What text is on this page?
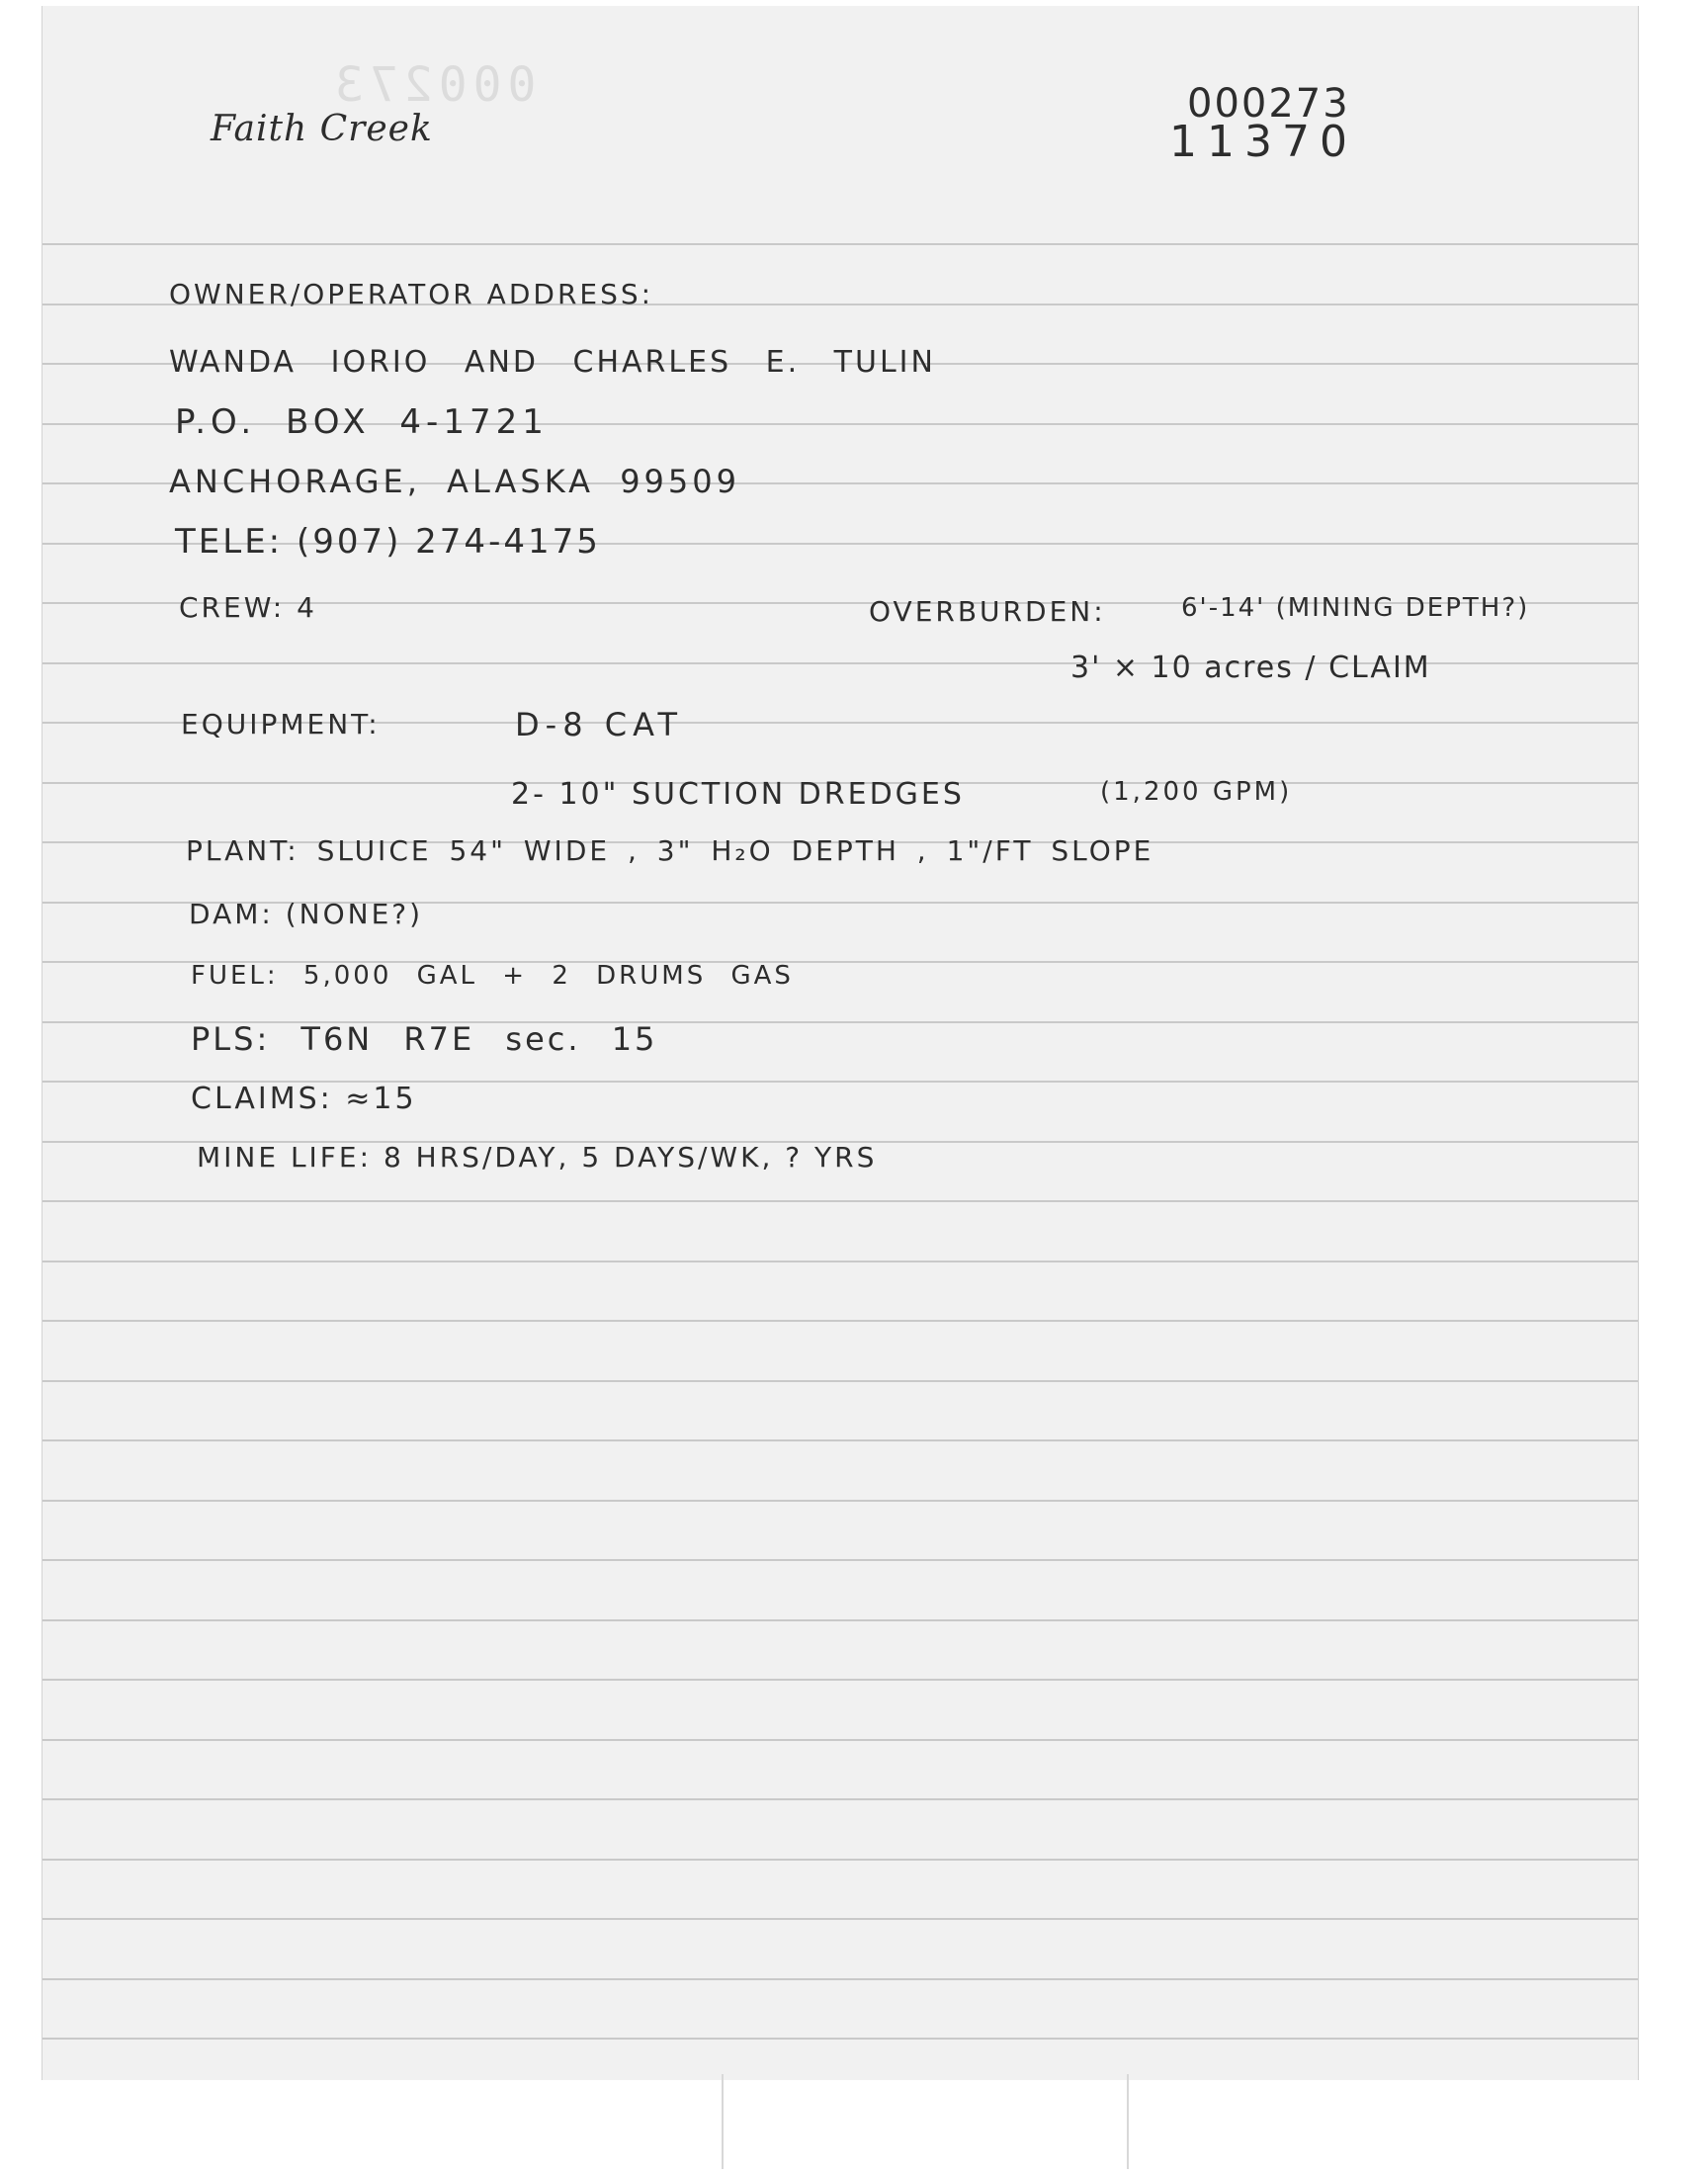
000273
Faith Creek
000273
11370
OWNER/OPERATOR ADDRESS:
WANDA IORIO AND CHARLES E. TULIN
P.O. BOX 4-1721
ANCHORAGE, ALASKA 99509
TELE: (907) 274-4175
CREW: 4	OVERBURDEN:	6'-14' (MINING DEPTH?)
3' × 10 acres / CLAIM
EQUIPMENT:	D-8 CAT
2- 10" SUCTION DREDGES	(1,200 GPM)
PLANT: SLUICE 54" WIDE , 3" H₂O DEPTH , 1"/FT SLOPE
DAM: (NONE?)
FUEL: 5,000 GAL + 2 DRUMS GAS
PLS: T6N R7E sec. 15
CLAIMS: ≈15
MINE LIFE: 8 HRS/DAY, 5 DAYS/WK, ? YRS
